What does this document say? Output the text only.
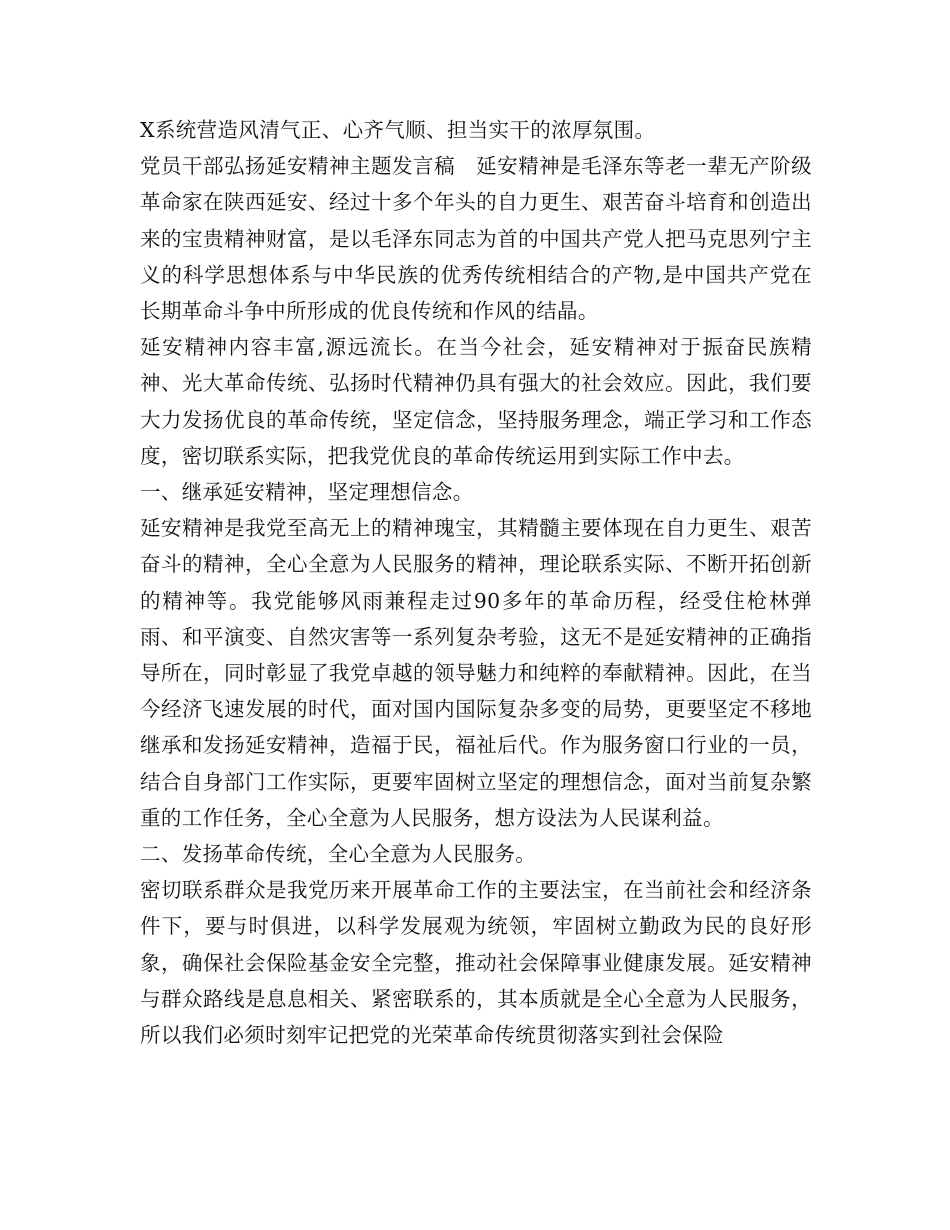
X系统营造风清气正、心齐气顺、担当实干的浓厚氛围。

党员干部弘扬延安精神主题发言稿　延安精神是毛泽东等老一辈无产阶级革命家在陕西延安、经过十多个年头的自力更生、艰苦奋斗培育和创造出来的宝贵精神财富，是以毛泽东同志为首的中国共产党人把马克思列宁主义的科学思想体系与中华民族的优秀传统相结合的产物,是中国共产党在长期革命斗争中所形成的优良传统和作风的结晶。

延安精神内容丰富,源远流长。在当今社会，延安精神对于振奋民族精神、光大革命传统、弘扬时代精神仍具有强大的社会效应。因此，我们要大力发扬优良的革命传统，坚定信念，坚持服务理念，端正学习和工作态度，密切联系实际，把我党优良的革命传统运用到实际工作中去。

一、继承延安精神，坚定理想信念。

延安精神是我党至高无上的精神瑰宝，其精髓主要体现在自力更生、艰苦奋斗的精神，全心全意为人民服务的精神，理论联系实际、不断开拓创新的精神等。我党能够风雨兼程走过90多年的革命历程，经受住枪林弹雨、和平演变、自然灾害等一系列复杂考验，这无不是延安精神的正确指导所在，同时彰显了我党卓越的领导魅力和纯粹的奉献精神。因此，在当今经济飞速发展的时代，面对国内国际复杂多变的局势，更要坚定不移地继承和发扬延安精神，造福于民，福祉后代。作为服务窗口行业的一员，结合自身部门工作实际，更要牢固树立坚定的理想信念，面对当前复杂繁重的工作任务，全心全意为人民服务，想方设法为人民谋利益。

二、发扬革命传统，全心全意为人民服务。

密切联系群众是我党历来开展革命工作的主要法宝，在当前社会和经济条件下，要与时俱进，以科学发展观为统领，牢固树立勤政为民的良好形象，确保社会保险基金安全完整，推动社会保障事业健康发展。延安精神与群众路线是息息相关、紧密联系的，其本质就是全心全意为人民服务，所以我们必须时刻牢记把党的光荣革命传统贯彻落实到社会保险
